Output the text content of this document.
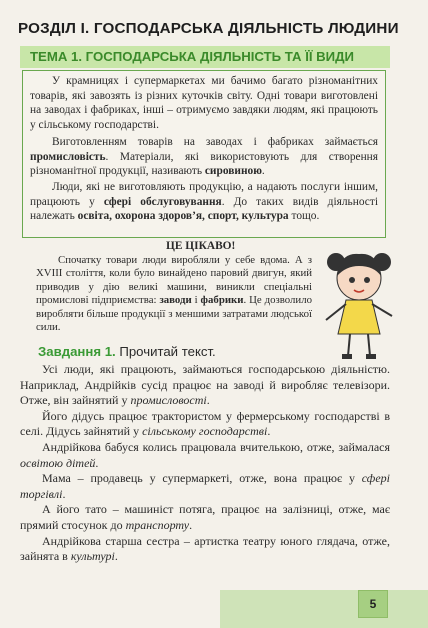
РОЗДІЛ I. ГОСПОДАРСЬКА ДІЯЛЬНІСТЬ ЛЮДИНИ
ТЕМА 1. ГОСПОДАРСЬКА ДІЯЛЬНІСТЬ ТА ЇЇ ВИДИ
У крамницях і супермаркетах ми бачимо багато різноманітних товарів, які завозять із різних куточків світу. Одні товари виготовлені на заводах і фабриках, інші – отримуємо завдяки людям, які працюють у сільському господарстві.
Виготовленням товарів на заводах і фабриках займається промисловість. Матеріали, які використовують для створення різноманітної продукції, називають сировиною.
Люди, які не виготовляють продукцію, а надають послуги іншим, працюють у сфері обслуговування. До таких видів діяльності належать освіта, охорона здоров’я, спорт, культура тощо.
ЦЕ ЦІКАВО!
Спочатку товари люди виробляли у себе вдома. А з XVIII століття, коли було винайдено паровий двигун, який приводив у дію великі машини, виникли спеціальні промислові підприємства: заводи і фабрики. Це дозволило виробляти більше продукції з меншими затратами людської сили.
Завдання 1. Прочитай текст.
Усі люди, які працюють, займаються господарською діяльністю. Наприклад, Андрійків сусід працює на заводі й виробляє телевізори. Отже, він зайнятий у промисловості.
Його дідусь працює трактористом у фермерському господарстві в селі. Дідусь зайнятий у сільському господарстві.
Андрійкова бабуся колись працювала вчителькою, отже, займалася освітою дітей.
Мама – продавець у супермаркеті, отже, вона працює у сфері торгівлі.
А його тато – машиніст потяга, працює на залізниці, отже, має прямий стосунок до транспорту.
Андрійкова старша сестра – артистка театру юного глядача, отже, зайнята в культурі.
5
